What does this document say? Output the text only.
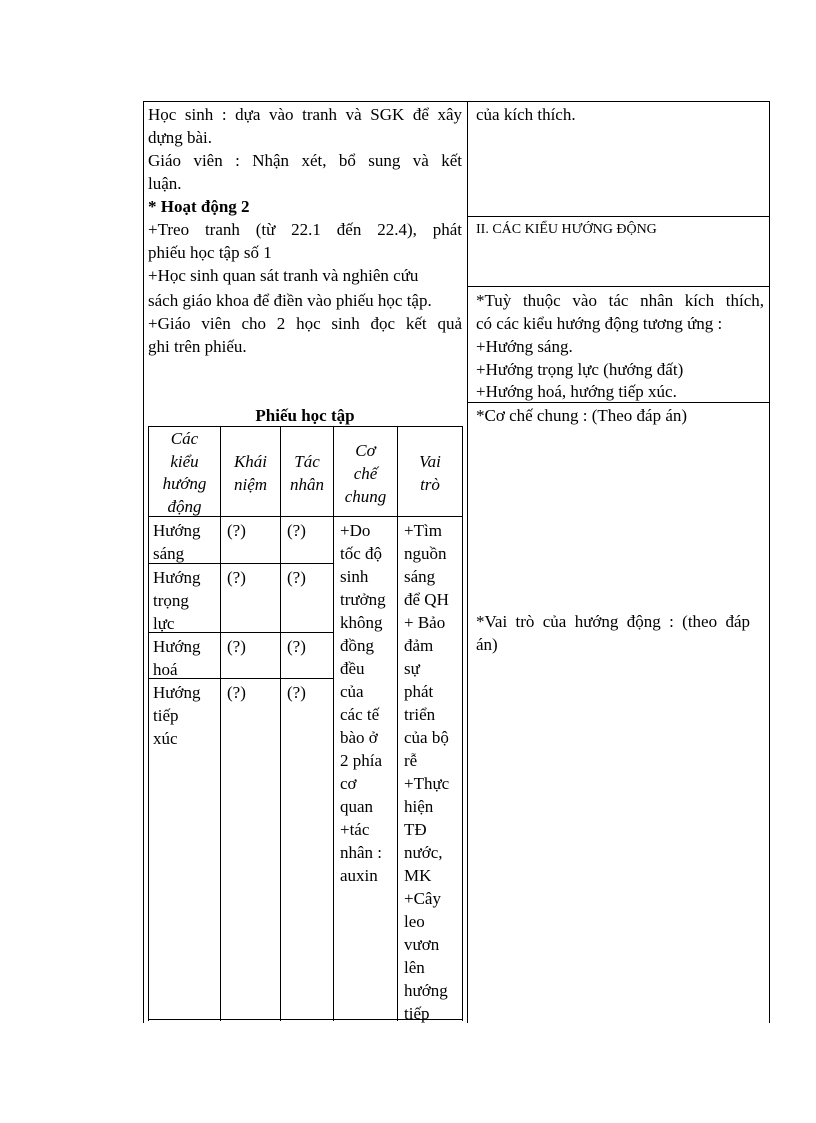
Học sinh : dựa vào tranh và SGK để xây
dựng bài.
Giáo viên : Nhận xét, bổ sung và kết
luận.
* Hoạt động 2
+Treo tranh (từ 22.1 đến 22.4), phát
phiếu học tập số 1
+Học sinh quan sát tranh và nghiên cứu
sách giáo khoa để điền vào phiếu học tập.
+Giáo viên cho 2 học sinh đọc kết quả
ghi trên phiếu.
Phiếu học tập
Các
kiểu
hướng
động
Khái
niệm
Tác
nhân
Cơ
chế
chung
Vai
trò
Hướng
sáng
(?) (?)
Hướng
trọng
lực
(?) (?)
Hướng
hoá
(?) (?)
Hướng
tiếp
xúc
(?) (?)
+Do
tốc độ
sinh
trưởng
không
đồng
đều
của
các tế
bào ở
2 phía
cơ
quan
+tác
nhân :
auxin
+Tìm
nguồn
sáng
để QH
+ Bảo
đảm
sự
phát
triển
của bộ
rễ
+Thực
hiện
TĐ
nước,
MK
+Cây
leo
vươn
lên
hướng
tiếp
của kích thích.
II. CÁC KIỂU HƯỚNG ĐỘNG
*Tuỳ thuộc vào tác nhân kích thích,
có các kiểu hướng động tương ứng :
+Hướng sáng.
+Hướng trọng lực (hướng đất)
+Hướng hoá, hướng tiếp xúc.
*Cơ chế chung : (Theo đáp án)
*Vai trò của hướng động : (theo đáp
án)
